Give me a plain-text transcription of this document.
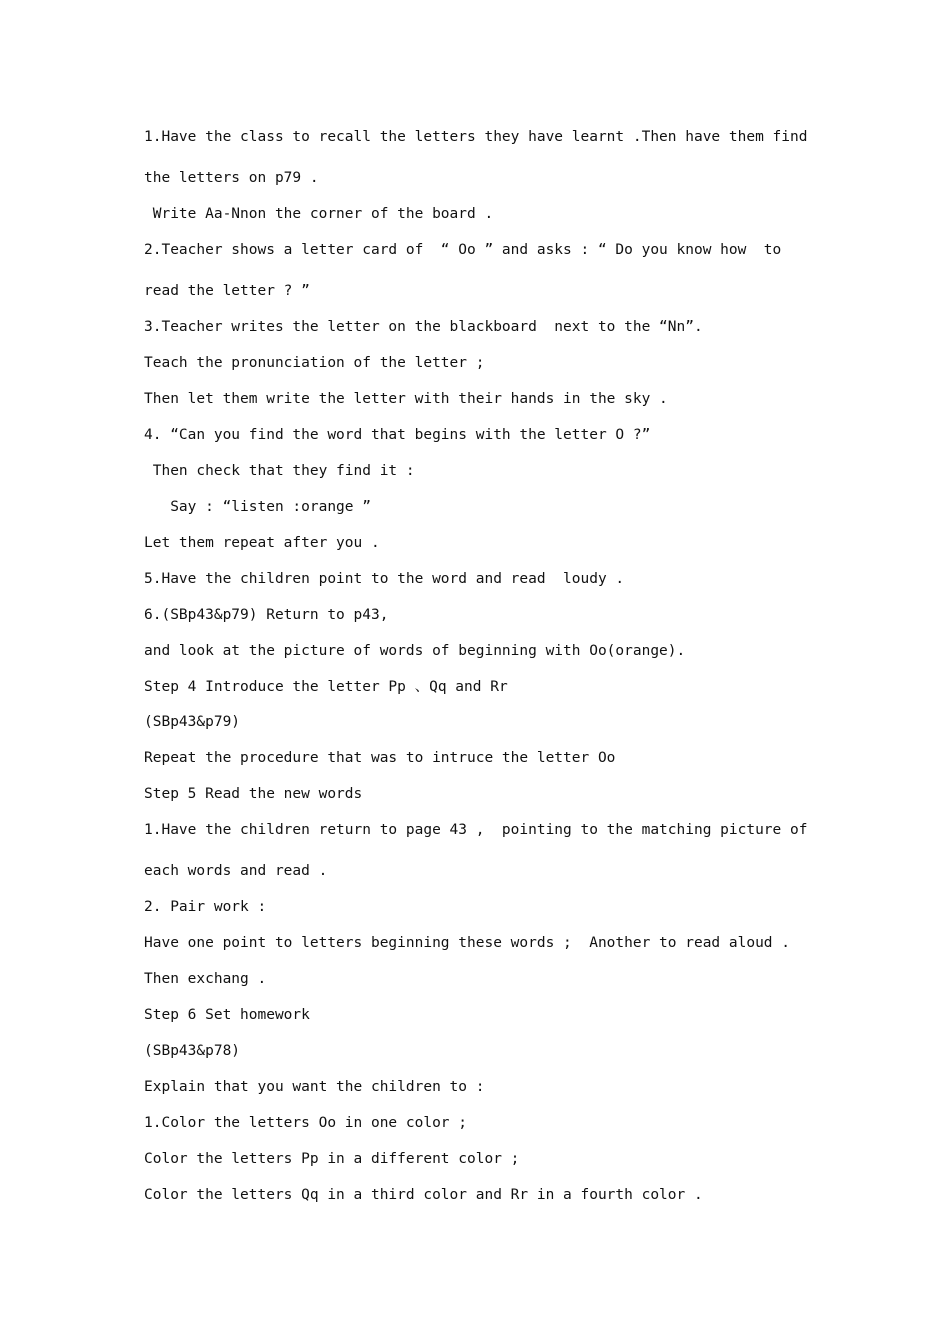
1.Have the class to recall the letters they have learnt .Then have them find
the letters on p79 .
Write Aa-Nnon the corner of the board .
2.Teacher shows a letter card of  “ Oo ” and asks : “ Do you know how  to
read the letter ? ”
3.Teacher writes the letter on the blackboard  next to the “Nn”.
Teach the pronunciation of the letter ;
Then let them write the letter with their hands in the sky .
4. “Can you find the word that begins with the letter O ?”
Then check that they find it :
Say : “listen :orange ”
Let them repeat after you .
5.Have the children point to the word and read  loudy .
6.(SBp43&p79) Return to p43,
and look at the picture of words of beginning with Oo(orange).
Step 4 Introduce the letter Pp 、Qq and Rr
(SBp43&p79)
Repeat the procedure that was to intruce the letter Oo
Step 5 Read the new words
1.Have the children return to page 43 ,  pointing to the matching picture of
each words and read .
2. Pair work :
Have one point to letters beginning these words ;  Another to read aloud .
Then exchang .
Step 6 Set homework
(SBp43&p78)
Explain that you want the children to :
1.Color the letters Oo in one color ;
Color the letters Pp in a different color ;
Color the letters Qq in a third color and Rr in a fourth color .
